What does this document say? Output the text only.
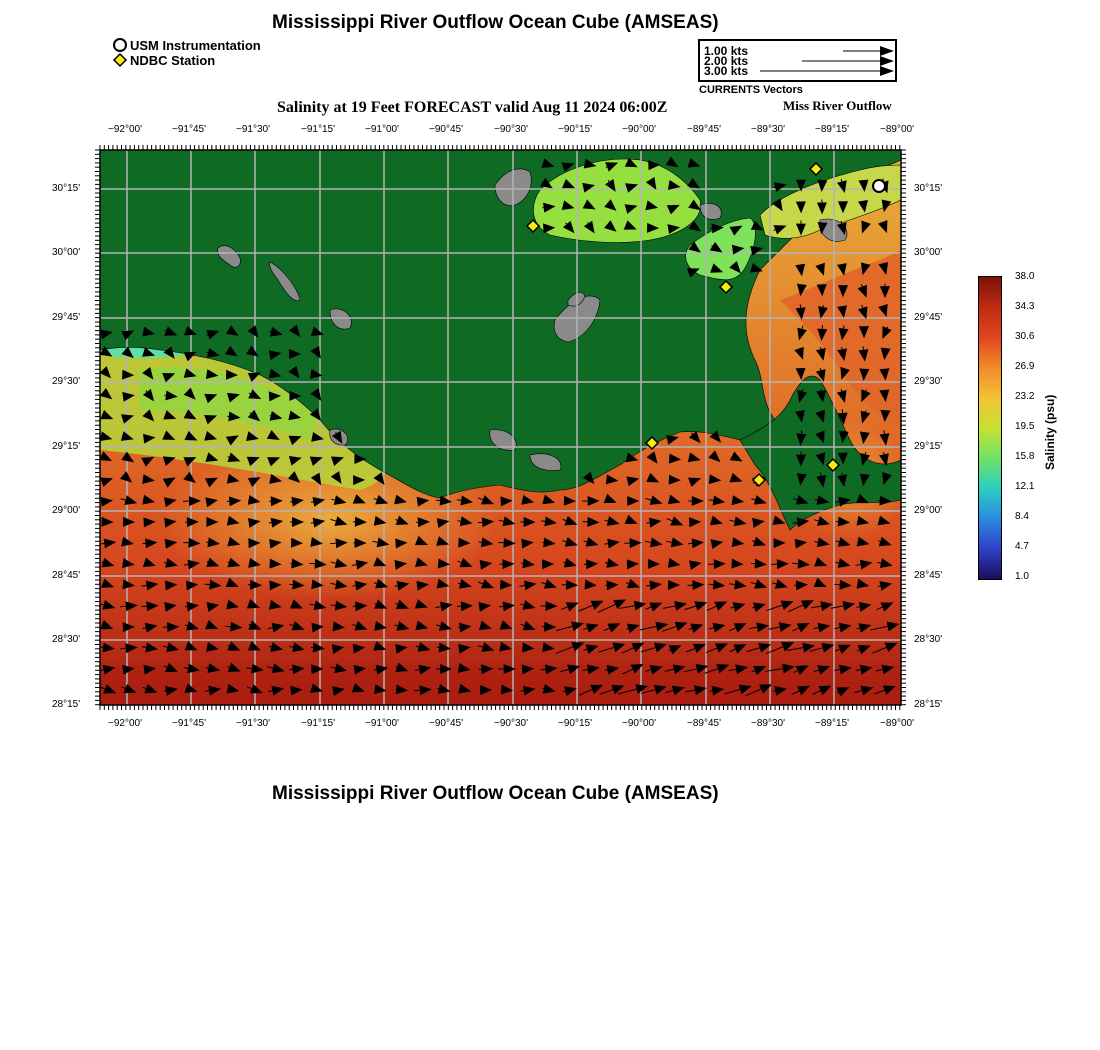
Mississippi River Outflow Ocean Cube (AMSEAS)
USM Instrumentation
NDBC Station
1.00 kts
2.00 kts
3.00 kts
CURRENTS Vectors
Salinity at 19 Feet FORECAST valid Aug 11 2024 06:00Z	Miss River Outflow
−92°00'	−91°45'	−91°30'	−91°15'	−91°00'	−90°45'	−90°30'	−90°15'	−90°00'	−89°45'	−89°30'	−89°15'	−89°00'
−92°00'	−91°45'	−91°30'	−91°15'	−91°00'	−90°45'	−90°30'	−90°15'	−90°00'	−89°45'	−89°30'	−89°15'	−89°00'
30°15'
30°00'
29°45'
29°30'
29°15'
29°00'
28°45'
28°30'
28°15'
30°15'
30°00'
29°45'
29°30'
29°15'
29°00'
28°45'
28°30'
28°15'
38.0
34.3
30.6
26.9
23.2
19.5
15.8
12.1
8.4
4.7
1.0
Salinity (psu)
Mississippi River Outflow Ocean Cube (AMSEAS)
